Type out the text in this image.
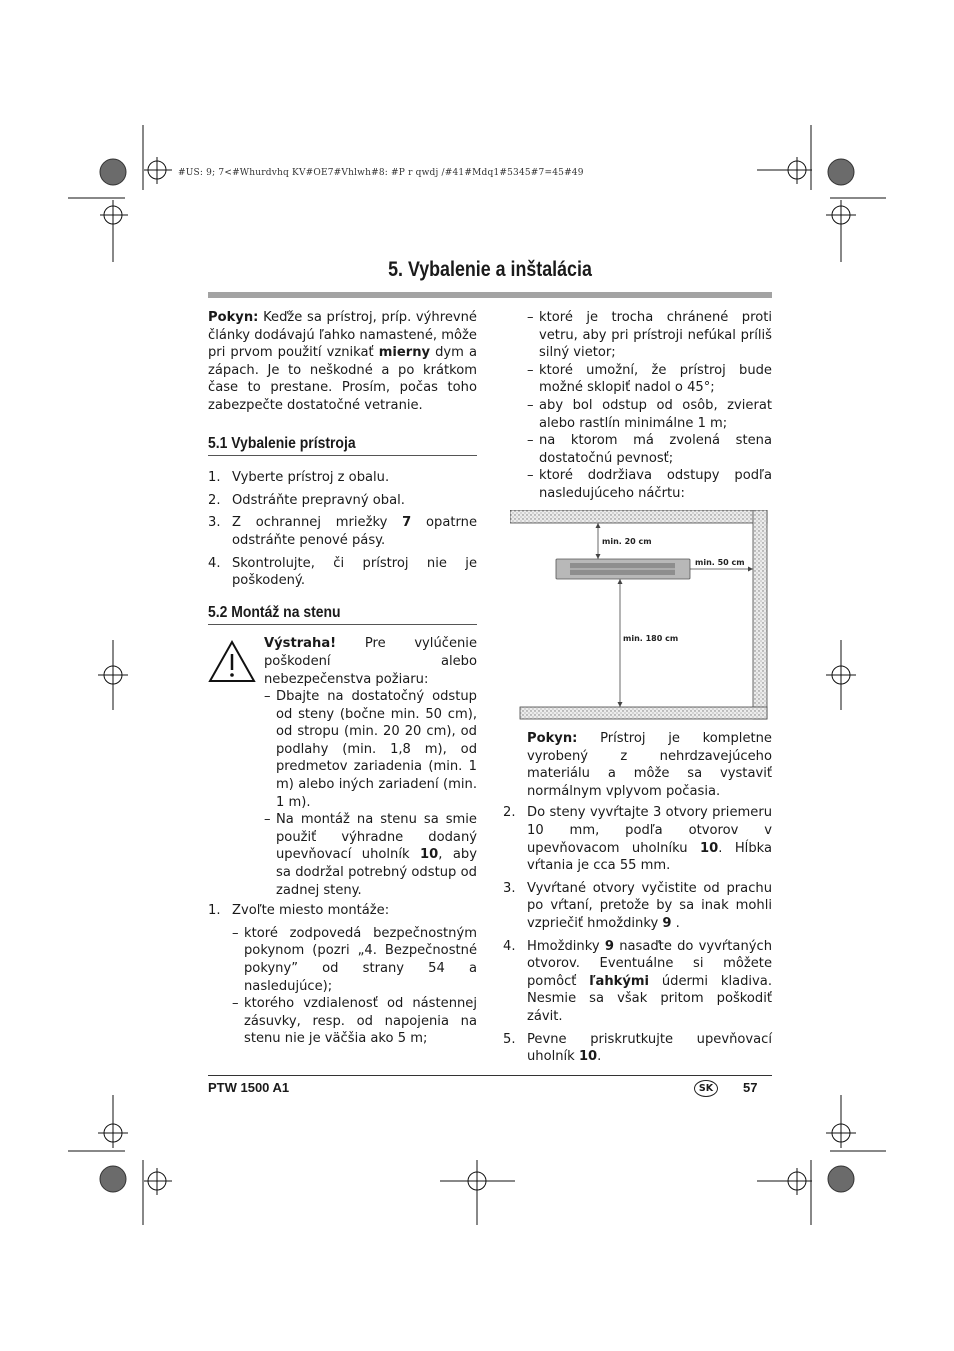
#US: 9; 7<#Whurdvhq KV#OE7#Vhlwh#8: #P r qwdj /#41#Mdq1#5345#7=45#49
5. Vybalenie a inštalácia

Pokyn: Keďže sa prístroj, príp. výhrevné články dodávajú ľahko namastené, môže pri prvom použití vznikať mierny dym a zápach. Je to neškodné a po krátkom čase to prestane. Prosím, počas toho zabezpečte dostatočné vetranie.

5.1 Vybalenie prístroja
1. Vyberte prístroj z obalu.
2. Odstráňte prepravný obal.
3. Z ochrannej mriežky 7 opatrne odstráňte penové pásy.
4. Skontrolujte, či prístroj nie je poškodený.
5.2 Montáž na stenu

Výstraha! Pre vylúčenie poškodení alebo nebezpečenstva požiaru:

– Dbajte na dostatočný odstup od steny (bočne min. 50 cm), od stropu (min. 20 20 cm), od podlahy (min. 1,8 m), od predmetov zariadenia (min. 1 m) alebo iných zariadení (min. 1 m).
– Na montáž na stenu sa smie použiť výhradne dodaný upevňovací uholník 10, aby sa dodržal potrebný odstup od zadnej steny.
1. Zvoľte miesto montáže:
– ktoré zodpovedá bezpečnostným pokynom (pozri „4. Bezpečnostné pokyny” od strany 54 a nasledujúce);
– ktorého vzdialenosť od nástennej zásuvky, resp. od napojenia na stenu nie je väčšia ako 5 m;
– ktoré je trocha chránené proti vetru, aby pri prístroji nefúkal príliš silný vietor;
– ktoré umožní, že prístroj bude možné sklopiť nadol o 45°;
– aby bol odstup od osôb, zvierat alebo rastlín minimálne 1 m;
– na ktorom má zvolená stena dostatočnú pevnosť;
– ktoré dodržiava odstupy podľa nasledujúceho náčrtu:
min. 20 cm
min. 50 cm
min. 180 cm

Pokyn: Prístroj je kompletne vyrobený z nehrdzavejúceho materiálu a môže sa vystaviť normálnym vplyvom počasia.

2. Do steny vyvŕtajte 3 otvory priemeru 10 mm, podľa otvorov v upevňovacom uholníku 10. Hĺbka vŕtania je cca 55 mm.
3. Vyvŕtané otvory vyčistite od prachu po vŕtaní, pretože by sa inak mohli vzpriečiť hmoždinky 9 .
4. Hmoždinky 9 nasaďte do vyvŕtaných otvorov. Eventuálne si môžete pomôcť ľahkými údermi kladiva. Nesmie sa však pritom poškodiť závit.
5. Pevne priskrutkujte upevňovací uholník 10.
PTW 1500 A1	SK	57
